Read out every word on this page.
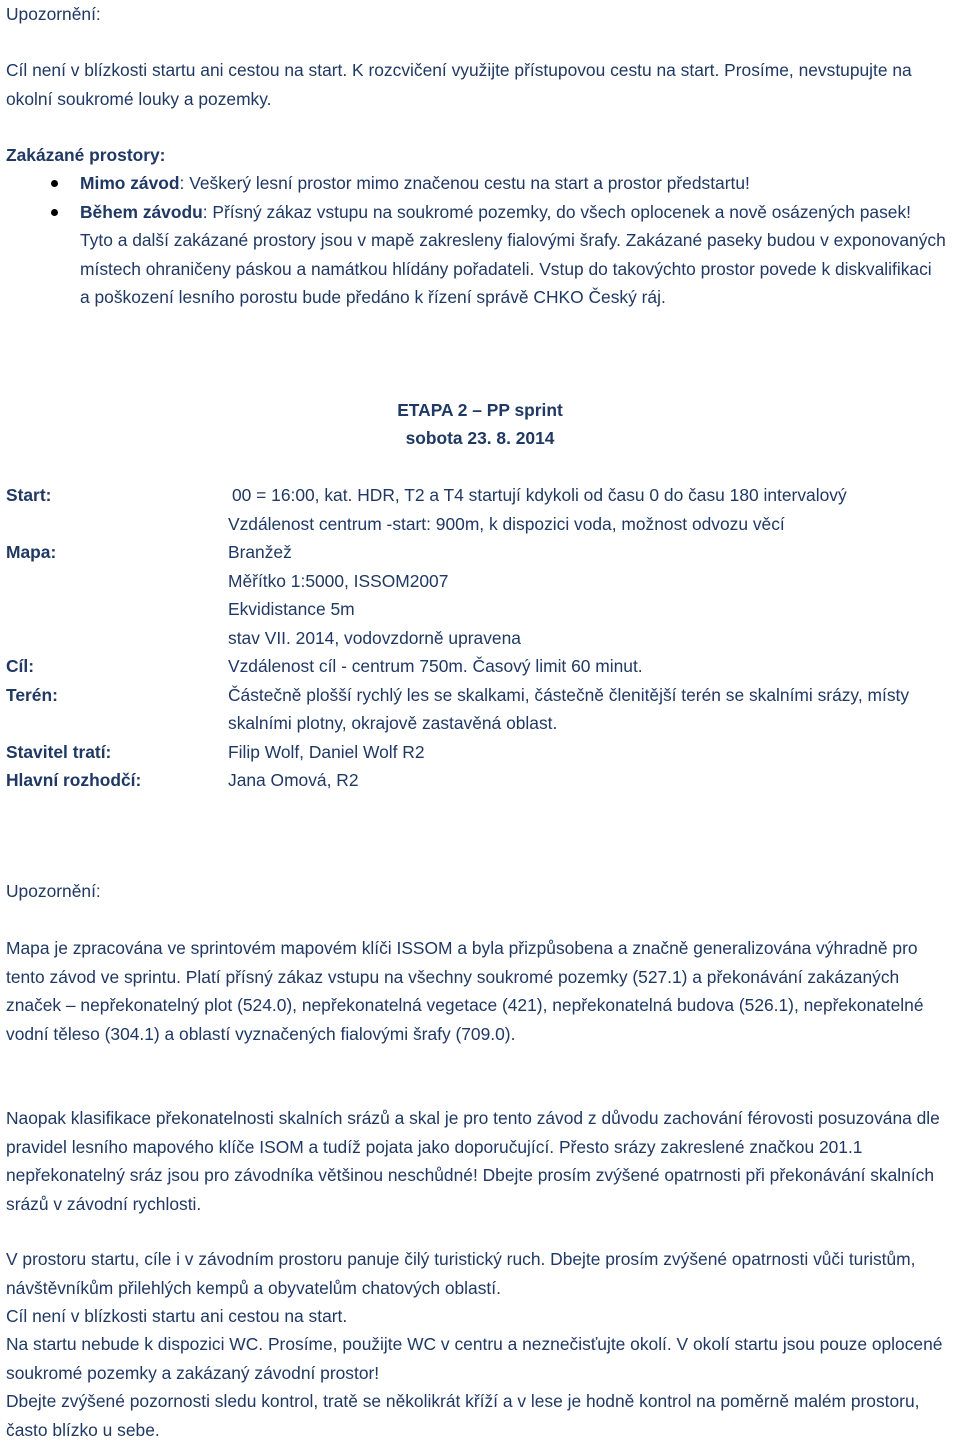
Upozornění:
Cíl není v blízkosti startu ani cestou na start. K rozcvičení využijte přístupovou cestu na start. Prosíme, nevstupujte na okolní soukromé louky a pozemky.
Zakázané prostory:
Mimo závod: Veškerý lesní prostor mimo značenou cestu na start a prostor předstartu!
Během závodu: Přísný zákaz vstupu na soukromé pozemky, do všech oplocenek a nově osázených pasek! Tyto a další zakázané prostory jsou v mapě zakresleny fialovými šrafy. Zakázané paseky budou v exponovaných místech ohraničeny páskou a namátkou hlídány pořadateli. Vstup do takovýchto prostor povede k diskvalifikaci a poškození lesního porostu bude předáno k řízení správě CHKO Český ráj.
ETAPA 2 – PP sprint
sobota 23. 8. 2014
Start:	00 = 16:00, kat. HDR, T2 a T4 startují kdykoli od času 0 do času 180 intervalový
Vzdálenost centrum -start: 900m, k dispozici voda, možnost odvozu věcí
Mapa:	Branžež
Měřítko 1:5000, ISSOM2007
Ekvidistance 5m
stav VII. 2014, vodovzdorně upravena
Cíl:	Vzdálenost cíl - centrum 750m. Časový limit 60 minut.
Terén:	Částečně plošší rychlý les se skalkami, částečně členitější terén se skalními srázy, místy skalními plotny, okrajově zastavěná oblast.
Stavitel tratí:	Filip Wolf, Daniel Wolf R2
Hlavní rozhodčí:	Jana Omová, R2
Upozornění:
Mapa je zpracována ve sprintovém mapovém klíči ISSOM a byla přizpůsobena a značně generalizována výhradně pro tento závod ve sprintu. Platí přísný zákaz vstupu na všechny soukromé pozemky (527.1) a překonávání zakázaných značek – nepřekonatelný plot (524.0), nepřekonatelná vegetace (421), nepřekonatelná budova (526.1), nepřekonatelné vodní těleso (304.1) a oblastí vyznačených fialovými šrafy (709.0).
Naopak klasifikace překonatelnosti skalních srázů a skal je pro tento závod z důvodu zachování férovosti posuzována dle pravidel lesního mapového klíče ISOM a tudíž pojata jako doporučující. Přesto srázy zakreslené značkou 201.1 nepřekonatelný sráz jsou pro závodníka většinou neschůdné! Dbejte prosím zvýšené opatrnosti při překonávání skalních srázů v závodní rychlosti.
V prostoru startu, cíle i v závodním prostoru panuje čilý turistický ruch. Dbejte prosím zvýšené opatrnosti vůči turistům, návštěvníkům přilehlých kempů a obyvatelům chatových oblastí.
Cíl není v blízkosti startu ani cestou na start.
Na startu nebude k dispozici WC. Prosíme, použijte WC v centru a neznečisťujte okolí. V okolí startu jsou pouze oplocené soukromé pozemky a zakázaný závodní prostor!
Dbejte zvýšené pozornosti sledu kontrol, tratě se několikrát kříží a v lese je hodně kontrol na poměrně malém prostoru, často blízko u sebe.
